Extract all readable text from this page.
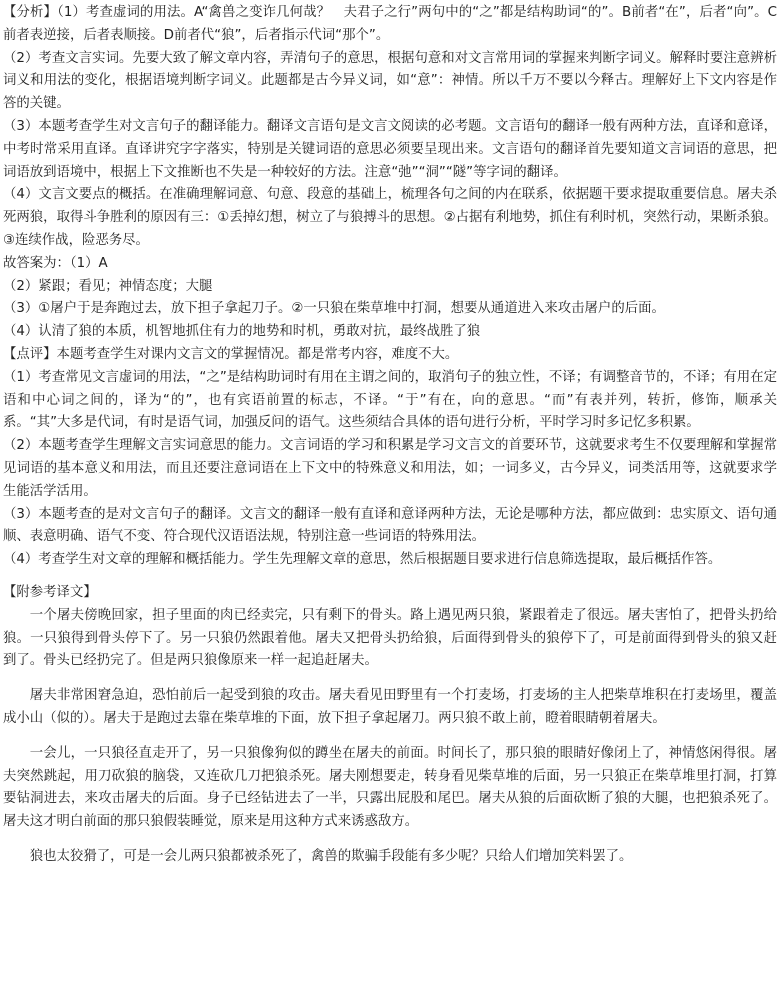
【分析】（1）考查虚词的用法。A“禽兽之变诈几何哉？　夫君子之行”两句中的“之”都是结构助词“的”。B前者“在”，后者“向”。C前者表逆接，后者表顺接。D前者代“狼”，后者指示代词“那个”。

（2）考查文言实词。先要大致了解文章内容，弄清句子的意思，根据句意和对文言常用词的掌握来判断字词义。解释时要注意辨析词义和用法的变化，根据语境判断字词义。此题都是古今异义词，如“意”：神情。所以千万不要以今释古。理解好上下文内容是作答的关键。

（3）本题考查学生对文言句子的翻译能力。翻译文言语句是文言文阅读的必考题。文言语句的翻译一般有两种方法，直译和意译，中考时常采用直译。直译讲究字字落实，特别是关键词语的意思必须要呈现出来。文言语句的翻译首先要知道文言词语的意思，把词语放到语境中，根据上下文推断也不失是一种较好的方法。注意“弛”“洞”“隧”等字词的翻译。

（4）文言文要点的概括。在准确理解词意、句意、段意的基础上，梳理各句之间的内在联系，依据题干要求提取重要信息。屠夫杀死两狼，取得斗争胜利的原因有三：①丢掉幻想，树立了与狼搏斗的思想。②占据有利地势，抓住有利时机，突然行动，果断杀狼。③连续作战，险恶务尽。

故答案为：（1）A

（2）紧跟；看见；神情态度；大腿

（3）①屠户于是奔跑过去，放下担子拿起刀子。②一只狼在柴草堆中打洞，想要从通道进入来攻击屠户的后面。

（4）认清了狼的本质，机智地抓住有力的地势和时机，勇敢对抗，最终战胜了狼

【点评】本题考查学生对课内文言文的掌握情况。都是常考内容，难度不大。

（1）考查常见文言虚词的用法，“之”是结构助词时有用在主谓之间的，取消句子的独立性，不译；有调整音节的，不译；有用在定语和中心词之间的，译为“的”，也有宾语前置的标志，不译。“于”有在，向的意思。“而”有表并列，转折，修饰，顺承关系。“其”大多是代词，有时是语气词，加强反问的语气。这些须结合具体的语句进行分析，平时学习时多记忆多积累。

（2）本题考查学生理解文言实词意思的能力。文言词语的学习和积累是学习文言文的首要环节，这就要求考生不仅要理解和掌握常见词语的基本意义和用法，而且还要注意词语在上下文中的特殊意义和用法，如；一词多义，古今异义，词类活用等，这就要求学生能活学活用。

（3）本题考查的是对文言句子的翻译。文言文的翻译一般有直译和意译两种方法，无论是哪种方法，都应做到：忠实原文、语句通顺、表意明确、语气不变、符合现代汉语语法规，特别注意一些词语的特殊用法。

（4）考查学生对文章的理解和概括能力。学生先理解文章的意思，然后根据题目要求进行信息筛选提取，最后概括作答。

【附参考译文】

一个屠夫傍晚回家，担子里面的肉已经卖完，只有剩下的骨头。路上遇见两只狼，紧跟着走了很远。屠夫害怕了，把骨头扔给狼。一只狼得到骨头停下了。另一只狼仍然跟着他。屠夫又把骨头扔给狼，后面得到骨头的狼停下了，可是前面得到骨头的狼又赶到了。骨头已经扔完了。但是两只狼像原来一样一起追赶屠夫。

屠夫非常困窘急迫，恐怕前后一起受到狼的攻击。屠夫看见田野里有一个打麦场，打麦场的主人把柴草堆积在打麦场里，覆盖成小山（似的）。屠夫于是跑过去靠在柴草堆的下面，放下担子拿起屠刀。两只狼不敢上前，瞪着眼睛朝着屠夫。

一会儿，一只狼径直走开了，另一只狼像狗似的蹲坐在屠夫的前面。时间长了，那只狼的眼睛好像闭上了，神情悠闲得很。屠夫突然跳起，用刀砍狼的脑袋，又连砍几刀把狼杀死。屠夫刚想要走，转身看见柴草堆的后面，另一只狼正在柴草堆里打洞，打算要钻洞进去，来攻击屠夫的后面。身子已经钻进去了一半，只露出屁股和尾巴。屠夫从狼的后面砍断了狼的大腿，也把狼杀死了。屠夫这才明白前面的那只狼假装睡觉，原来是用这种方式来诱惑敌方。

狼也太狡猾了，可是一会儿两只狼都被杀死了，禽兽的欺骗手段能有多少呢？只给人们增加笑料罢了。
